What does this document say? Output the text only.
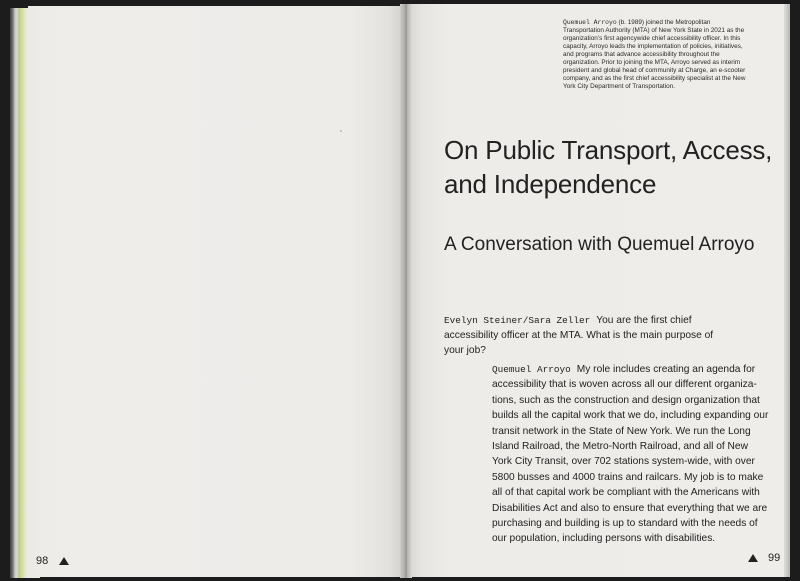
98

Quemuel Arroyo (b. 1989) joined the Metropolitan Transportation Authority (MTA) of New York State in 2021 as the organization’s first agencywide chief accessibility officer. In this capacity, Arroyo leads the implementation of policies, initiatives, and programs that advance accessibility throughout the organization. Prior to joining the MTA, Arroyo served as interim president and global head of community at Charge, an e-scooter company, and as the first chief accessibility specialist at the New York City Department of Transportation.

On Public Transport, Access, and Independence
A Conversation with Quemuel Arroyo

Evelyn Steiner/Sara Zeller You are the first chief accessibility officer at the MTA. What is the main purpose of your job?

Quemuel Arroyo My role includes creating an agenda for accessibility that is woven across all our different organiza-tions, such as the construction and design organization that builds all the capital work that we do, including expanding our transit network in the State of New York. We run the Long Island Railroad, the Metro-North Railroad, and all of New York City Transit, over 702 stations system-wide, with over 5800 busses and 4000 trains and railcars. My job is to make all of that capital work be compliant with the Americans with Disabilities Act and also to ensure that everything that we are purchasing and building is up to standard with the needs of our population, including persons with disabilities.

99
